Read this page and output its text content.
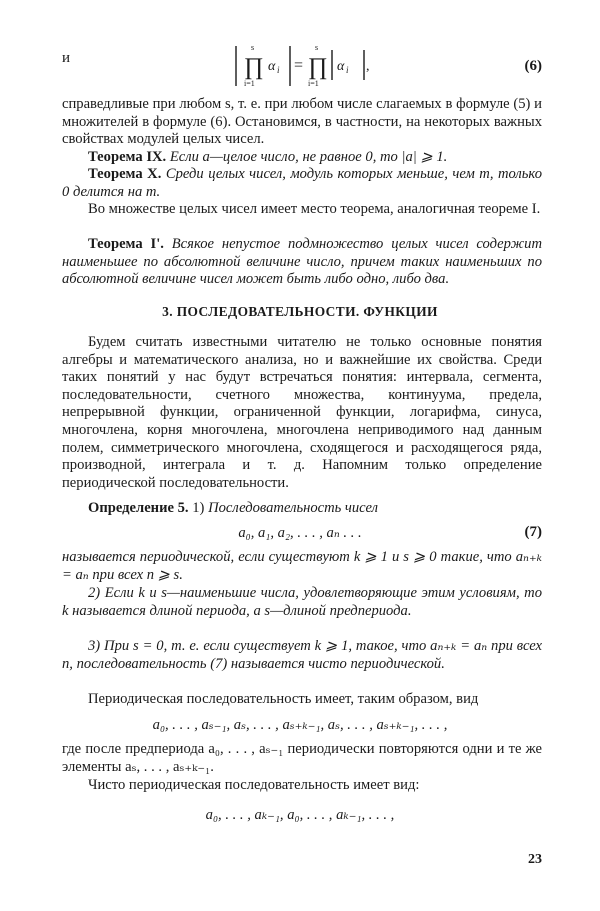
и	∏
s
i=1
α i = ∏
s
i=1
α i ,	(6)
справедливые при любом s, т. е. при любом числе слагаемых в формуле (5) и множителей в формуле (6). Остановимся, в частности, на некоторых важных свойствах модулей целых чисел.
Теорема IX. Если a—целое число, не равное 0, то |a| ⩾ 1.
Теорема X. Среди целых чисел, модуль которых меньше, чем m, только 0 делится на m.
Во множестве целых чисел имеет место теорема, аналогичная теореме I.
Теорема I'. Всякое непустое подмножество целых чисел содержит наименьшее по абсолютной величине число, причем таких наименьших по абсолютной величине чисел может быть либо одно, либо два.
3. ПОСЛЕДОВАТЕЛЬНОСТИ. ФУНКЦИИ
Будем считать известными читателю не только основные понятия алгебры и математического анализа, но и важнейшие их свойства. Среди таких понятий у нас будут встречаться понятия: интервала, сегмента, последовательности, счетного множества, континуума, предела, непрерывной функции, ограниченной функции, логарифма, синуса, многочлена, корня многочлена, многочлена неприводимого над данным полем, симметрического многочлена, сходящегося и расходящегося ряда, производной, интеграла и т. д. Напомним только определение периодической последовательности.
Определение 5. 1) Последовательность чисел
a₀, a₁, a₂, . . . , aₙ . . .	(7)
называется периодической, если существуют k ⩾ 1 и s ⩾ 0 такие, что aₙ₊ₖ = aₙ при всех n ⩾ s.
2) Если k и s—наименьшие числа, удовлетворяющие этим условиям, то k называется длиной периода, а s—длиной предпериода.
3) При s = 0, т. е. если существует k ⩾ 1, такое, что aₙ₊ₖ = aₙ при всех n, последовательность (7) называется чисто периодической.
Периодическая последовательность имеет, таким образом, вид
a₀, . . . , aₛ₋₁, aₛ, . . . , aₛ₊ₖ₋₁, aₛ, . . . , aₛ₊ₖ₋₁, . . . ,
где после предпериода a₀, . . . , aₛ₋₁ периодически повторяются одни и те же элементы aₛ, . . . , aₛ₊ₖ₋₁.
Чисто периодическая последовательность имеет вид:
a₀, . . . , aₖ₋₁, a₀, . . . , aₖ₋₁, . . . ,
23
